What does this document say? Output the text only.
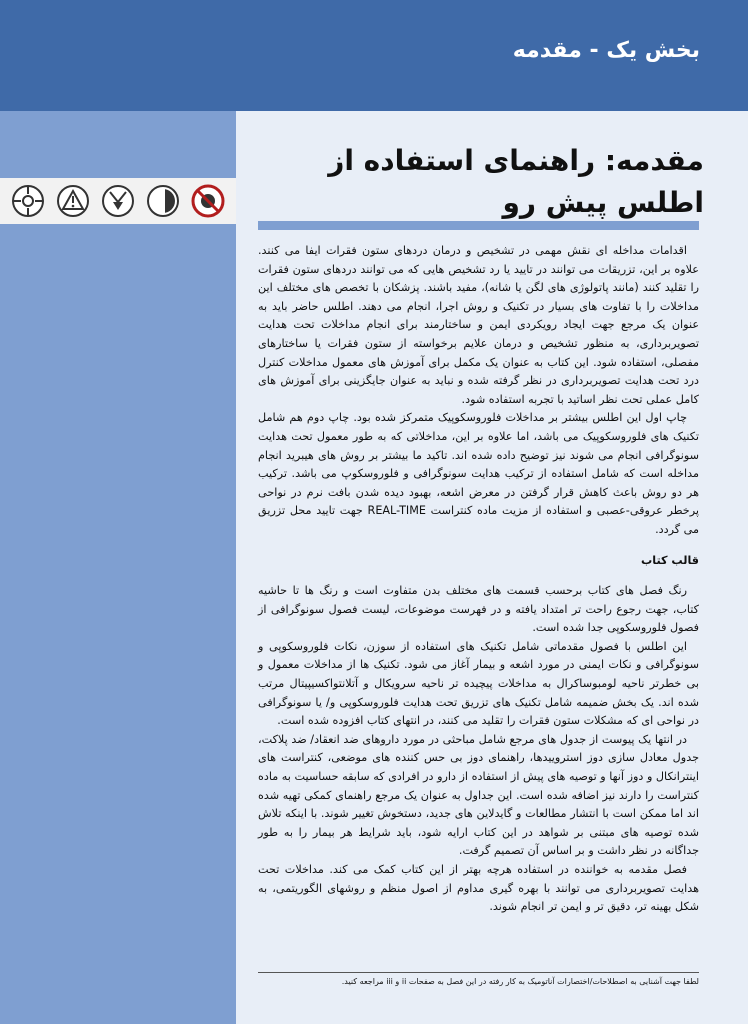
بخش یک - مقدمه
مقدمه: راهنمای استفاده از
اطلس پیش رو

اقدامات مداخله ای نقش مهمی در تشخیص و درمان دردهای ستون فقرات ایفا می کنند. علاوه بر این، تزریقات می توانند در تایید یا رد تشخیص هایی که می توانند دردهای ستون فقرات را تقلید کنند (مانند پاتولوژی های لگن یا شانه)، مفید باشند. پزشکان با تخصص های مختلف این مداخلات را با تفاوت های بسیار در تکنیک و روش اجرا، انجام می دهند. اطلس حاضر باید به عنوان یک مرجع جهت ایجاد رویکردی ایمن و ساختارمند برای انجام مداخلات تحت هدایت تصویربرداری، به منظور تشخیص و درمان علایم برخواسته از ستون فقرات یا ساختارهای مفصلی، استفاده شود. این کتاب به عنوان یک مکمل برای آموزش های معمول مداخلات کنترل درد تحت هدایت تصویربرداری در نظر گرفته شده و نباید به عنوان جایگزینی برای آموزش های کامل عملی تحت نظر اساتید با تجربه استفاده شود.

چاپ اول این اطلس بیشتر بر مداخلات فلوروسکوپیک متمرکز شده بود. چاپ دوم هم شامل تکنیک های فلوروسکوپیک می باشد، اما علاوه بر این، مداخلاتی که به طور معمول تحت هدایت سونوگرافی انجام می شوند نیز توضیح داده شده اند. تاکید ما بیشتر بر روش های هیبرید انجام مداخله است که شامل استفاده از ترکیب هدایت سونوگرافی و فلوروسکوپ می باشد. ترکیب هر دو روش باعث کاهش قرار گرفتن در معرض اشعه، بهبود دیده شدن بافت نرم در نواحی پرخطر عروقی-عصبی و استفاده از مزیت ماده کنتراست REAL-TIME جهت تایید محل تزریق می گردد.

قالب کتاب

رنگ فصل های کتاب برحسب قسمت های مختلف بدن متفاوت است و رنگ ها تا حاشیه کتاب، جهت رجوع راحت تر امتداد یافته و در فهرست موضوعات، لیست فصول سونوگرافی از فصول فلوروسکوپی جدا شده است.

این اطلس با فصول مقدماتی شامل تکنیک های استفاده از سوزن، نکات فلوروسکوپی و سونوگرافی و نکات ایمنی در مورد اشعه و بیمار آغاز می شود. تکنیک ها از مداخلات معمول و بی خطرتر ناحیه لومبوساکرال به مداخلات پیچیده تر ناحیه سرویکال و آتلانتواکسیپیتال مرتب شده اند. یک بخش ضمیمه شامل تکنیک های تزریق تحت هدایت فلوروسکوپی و/ یا سونوگرافی در نواحی ای که مشکلات ستون فقرات را تقلید می کنند، در انتهای کتاب افزوده شده است.

در انتها یک پیوست از جدول های مرجع شامل مباحثی در مورد داروهای ضد انعقاد/ ضد پلاکت، جدول معادل سازی دوز استروییدها، راهنمای دوز بی حس کننده های موضعی، کنتراست های اینترانکال و دوز آنها و توصیه های پیش از استفاده از دارو در افرادی که سابقه حساسیت به ماده کنتراست را دارند نیز اضافه شده است. این جداول به عنوان یک مرجع راهنمای کمکی تهیه شده اند اما ممکن است با انتشار مطالعات و گایدلاین های جدید، دستخوش تغییر شوند. با اینکه تلاش شده توصیه های مبتنی بر شواهد در این کتاب ارایه شود، باید شرایط هر بیمار را به طور جداگانه در نظر داشت و بر اساس آن تصمیم گرفت.

فصل مقدمه به خواننده در استفاده هرچه بهتر از این کتاب کمک می کند. مداخلات تحت هدایت تصویربرداری می توانند با بهره گیری مداوم از اصول منظم و روشهای الگوریتمی، به شکل بهینه تر، دقیق تر و ایمن تر انجام شوند.

لطفا جهت آشنایی به اصطلاحات/اختصارات آناتومیک به کار رفته در این فصل به صفحات ii و iii مراجعه کنید.
